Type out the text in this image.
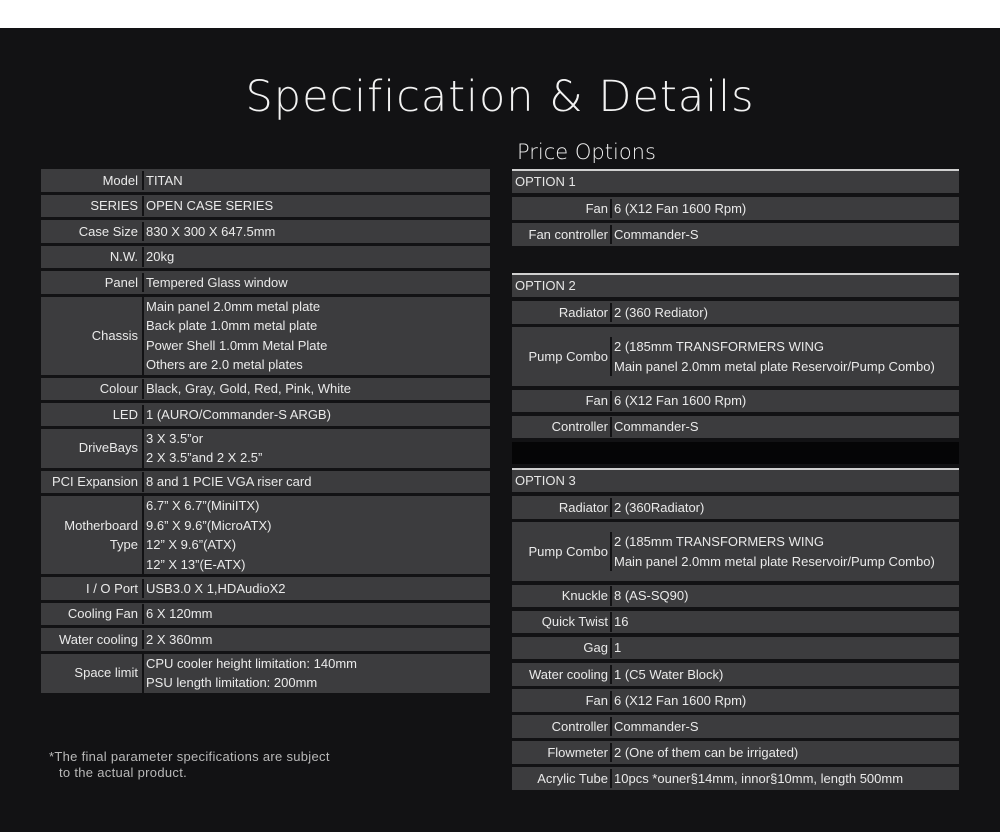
Specification & Details
Price Options
Model TITAN
SERIES OPEN CASE SERIES
Case Size 830 X 300 X 647.5mm
N.W. 20kg
Panel Tempered Glass window
Chassis
Main panel 2.0mm metal plate
Back plate 1.0mm metal plate
Power Shell 1.0mm Metal Plate
Others are 2.0 metal plates
Colour Black, Gray, Gold, Red, Pink, White
LED 1 (AURO/Commander-S ARGB)
DriveBays
3 X 3.5”or
2 X 3.5”and 2 X 2.5”
PCI Expansion 8 and 1 PCIE VGA riser card
Motherboard Type
6.7” X 6.7”(MiniITX)
9.6” X 9.6”(MicroATX)
12” X 9.6”(ATX)
12” X 13”(E-ATX)
I / O Port USB3.0 X 1,HDAudioX2
Cooling Fan 6 X 120mm
Water cooling 2 X 360mm
Space limit
CPU cooler height limitation: 140mm
PSU length limitation: 200mm
OPTION 1
Fan 6 (X12 Fan 1600 Rpm)
Fan controller Commander-S
OPTION 2
Radiator 2 (360 Rediator)
Pump Combo
2 (185mm TRANSFORMERS WING
Main panel 2.0mm metal plate Reservoir/Pump Combo)
Fan 6 (X12 Fan 1600 Rpm)
Controller Commander-S
OPTION 3
Radiator 2 (360Radiator)
Pump Combo
2 (185mm TRANSFORMERS WING
Main panel 2.0mm metal plate Reservoir/Pump Combo)
Knuckle 8 (AS-SQ90)
Quick Twist 16
Gag 1
Water cooling 1 (C5 Water Block)
Fan 6 (X12 Fan 1600 Rpm)
Controller Commander-S
Flowmeter 2 (One of them can be irrigated)
Acrylic Tube 10pcs *ouner§14mm, innor§10mm, length 500mm
*The final parameter specifications are subject
to the actual product.
